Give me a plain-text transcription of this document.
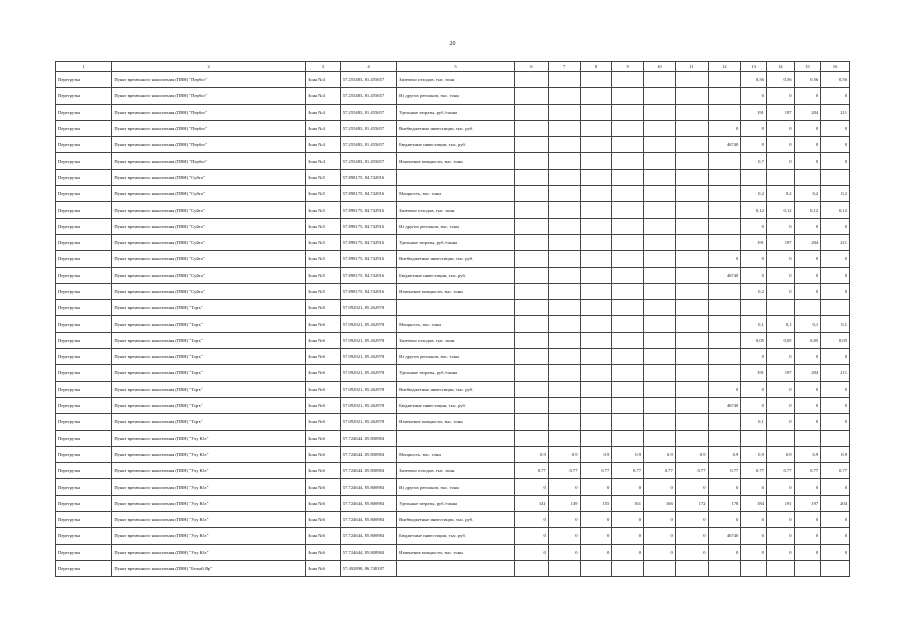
20
1	2	3	4	5	6	7	8	9	10	11	12	13	14	15	16
Перегрузка	Пункт временного накопления (ПВН) "Пербог"	Зона №4	57.255483, 81.455657	Запечено отходов, тыс. тонн								0,56	0,56	0,56	0,56
Перегрузка	Пункт временного накопления (ПВН) "Пербог"	Зона №4	57.255483, 81.455657	Из других регионов, тыс. тонн								0	0	0	0
Перегрузка	Пункт временного накопления (ПВН) "Пербог"	Зона №4	57.255483, 81.455657	Удельные затраты, руб./тонна								191	197	204	211
Перегрузка	Пункт временного накопления (ПВН) "Пербог"	Зона №4	57.255483, 81.455657	Внебюджетные инвестиции, тыс. руб.							0	0	0	0	0
Перегрузка	Пункт временного накопления (ПВН) "Пербог"	Зона №4	57.255483, 81.455657	Бюджетные инвестиции, тыс. руб.							46740	0	0	0	0
Перегрузка	Пункт временного накопления (ПВН) "Пербог"	Зона №4	57.255483, 81.455657	Изменение мощности, тыс. тонн								0,7	0	0	0
Перегрузка	Пункт временного накопления (ПВН) "Суйга"	Зона №5	57.898175, 84.742916												
Перегрузка	Пункт временного накопления (ПВН) "Суйга"	Зона №5	57.898175, 84.742916	Мощность, тыс. тонн								0,2	0,2	0,2	0,2
Перегрузка	Пункт временного накопления (ПВН) "Суйга"	Зона №5	57.898175, 84.742916	Запечено отходов, тыс. тонн								0,12	0,12	0,12	0,12
Перегрузка	Пункт временного накопления (ПВН) "Суйга"	Зона №5	57.898175, 84.742916	Из других регионов, тыс. тонн								0	0	0	0
Перегрузка	Пункт временного накопления (ПВН) "Суйга"	Зона №5	57.898175, 84.742916	Удельные затраты, руб./тонна								191	197	204	211
Перегрузка	Пункт временного накопления (ПВН) "Суйга"	Зона №5	57.898175, 84.742916	Внебюджетные инвестиции, тыс. руб.							0	0	0	0	0
Перегрузка	Пункт временного накопления (ПВН) "Суйга"	Зона №5	57.898175, 84.742916	Бюджетные инвестиции, тыс. руб.							46740	0	0	0	0
Перегрузка	Пункт временного накопления (ПВН) "Суйга"	Зона №5	57.898175, 84.742916	Изменение мощности, тыс. тонн								0,2	0	0	0
Перегрузка	Пункт временного накопления (ПВН) "Торъ"	Зона №6	57.092921, 85.262978												
Перегрузка	Пункт временного накопления (ПВН) "Торъ"	Зона №6	57.092921, 85.262978	Мощность, тыс. тонн								0,1	0,1	0,1	0,1
Перегрузка	Пункт временного накопления (ПВН) "Торъ"	Зона №6	57.092921, 85.262978	Запечено отходов, тыс. тонн								0,05	0,05	0,05	0,05
Перегрузка	Пункт временного накопления (ПВН) "Торъ"	Зона №6	57.092921, 85.262978	Из других регионов, тыс. тонн								0	0	0	0
Перегрузка	Пункт временного накопления (ПВН) "Торъ"	Зона №6	57.092921, 85.262978	Удельные затраты, руб./тонна								191	197	204	211
Перегрузка	Пункт временного накопления (ПВН) "Торъ"	Зона №6	57.092921, 85.262978	Внебюджетные инвестиции, тыс. руб.							0	0	0	0	0
Перегрузка	Пункт временного накопления (ПВН) "Торъ"	Зона №6	57.092921, 85.262978	Бюджетные инвестиции, тыс. руб.							46740	0	0	0	0
Перегрузка	Пункт временного накопления (ПВН) "Торъ"	Зона №6	57.092921, 85.262978	Изменение мощности, тыс. тонн								0,1	0	0	0
Перегрузка	Пункт временного накопления (ПВН) "Улу Юл"	Зона №6	57.724644, 85.800984												
Перегрузка	Пункт временного накопления (ПВН) "Улу Юл"	Зона №6	57.724644, 85.800984	Мощность, тыс. тонн	0,9	0,9	0,9	0,9	0,9	0,9	0,9	0,9	0,9	0,9	0,9
Перегрузка	Пункт временного накопления (ПВН) "Улу Юл"	Зона №6	57.724644, 85.800984	Запечено отходов, тыс. тонн	0,77	0,77	0,77	0,77	0,77	0,77	0,77	0,77	0,77	0,77	0,77
Перегрузка	Пункт временного накопления (ПВН) "Улу Юл"	Зона №6	57.724644, 85.800984	Из других регионов, тыс. тонн	0	0	0	0	0	0	0	0	0	0	0
Перегрузка	Пункт временного накопления (ПВН) "Улу Юл"	Зона №6	57.724644, 85.800984	Удельные затраты, руб./тонна	141	149	155	161	166	172	178	184	191	197	204
Перегрузка	Пункт временного накопления (ПВН) "Улу Юл"	Зона №6	57.724644, 85.800984	Внебюджетные инвестиции, тыс. руб.	0	0	0	0	0	0	0	0	0	0	0
Перегрузка	Пункт временного накопления (ПВН) "Улу Юл"	Зона №6	57.724644, 85.800984	Бюджетные инвестиции, тыс. руб.	0	0	0	0	0	0	46740	0	0	0	0
Перегрузка	Пункт временного накопления (ПВН) "Улу Юл"	Зона №6	57.724644, 85.800984	Изменение мощности, тыс. тонн	0	0	0	0	0	0	0	0	0	0	0
Перегрузка	Пункт временного накопления (ПВН) "Белый Яр"	Зона №6	57.492898, 86.748187												
